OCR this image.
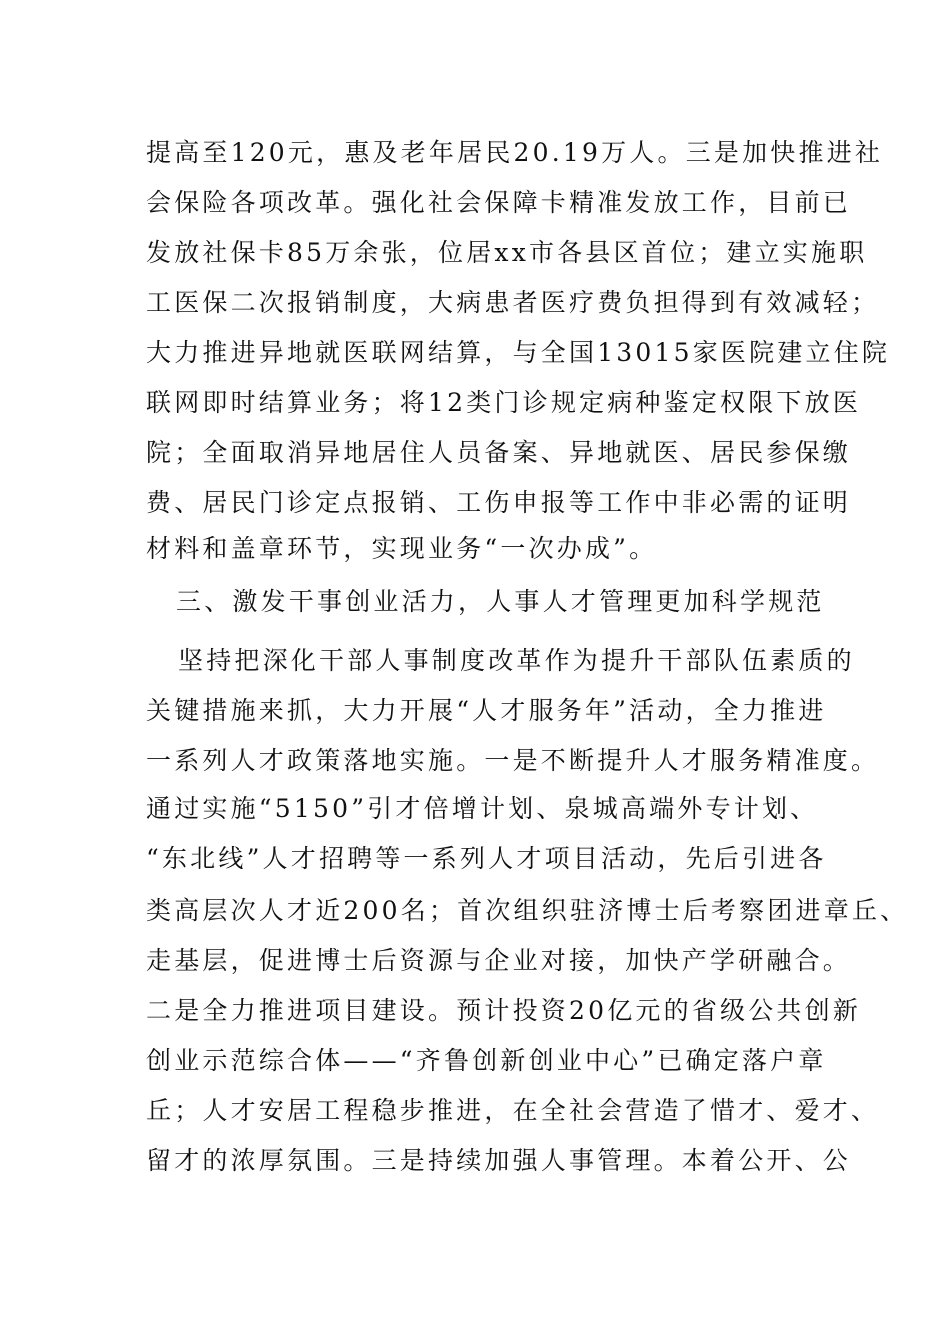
提高至120元，惠及老年居民20.19万人。三是加快推进社

会保险各项改革。强化社会保障卡精准发放工作，目前已

发放社保卡85万余张，位居xx市各县区首位；建立实施职

工医保二次报销制度，大病患者医疗费负担得到有效减轻；

大力推进异地就医联网结算，与全国13015家医院建立住院

联网即时结算业务；将12类门诊规定病种鉴定权限下放医

院；全面取消异地居住人员备案、异地就医、居民参保缴

费、居民门诊定点报销、工伤申报等工作中非必需的证明

材料和盖章环节，实现业务“一次办成”。

三、激发干事创业活力，人事人才管理更加科学规范

坚持把深化干部人事制度改革作为提升干部队伍素质的

关键措施来抓，大力开展“人才服务年”活动，全力推进

一系列人才政策落地实施。一是不断提升人才服务精准度。

通过实施“5150”引才倍增计划、泉城高端外专计划、

“东北线”人才招聘等一系列人才项目活动，先后引进各

类高层次人才近200名；首次组织驻济博士后考察团进章丘、

走基层，促进博士后资源与企业对接，加快产学研融合。

二是全力推进项目建设。预计投资20亿元的省级公共创新

创业示范综合体——“齐鲁创新创业中心”已确定落户章

丘；人才安居工程稳步推进，在全社会营造了惜才、爱才、

留才的浓厚氛围。三是持续加强人事管理。本着公开、公
